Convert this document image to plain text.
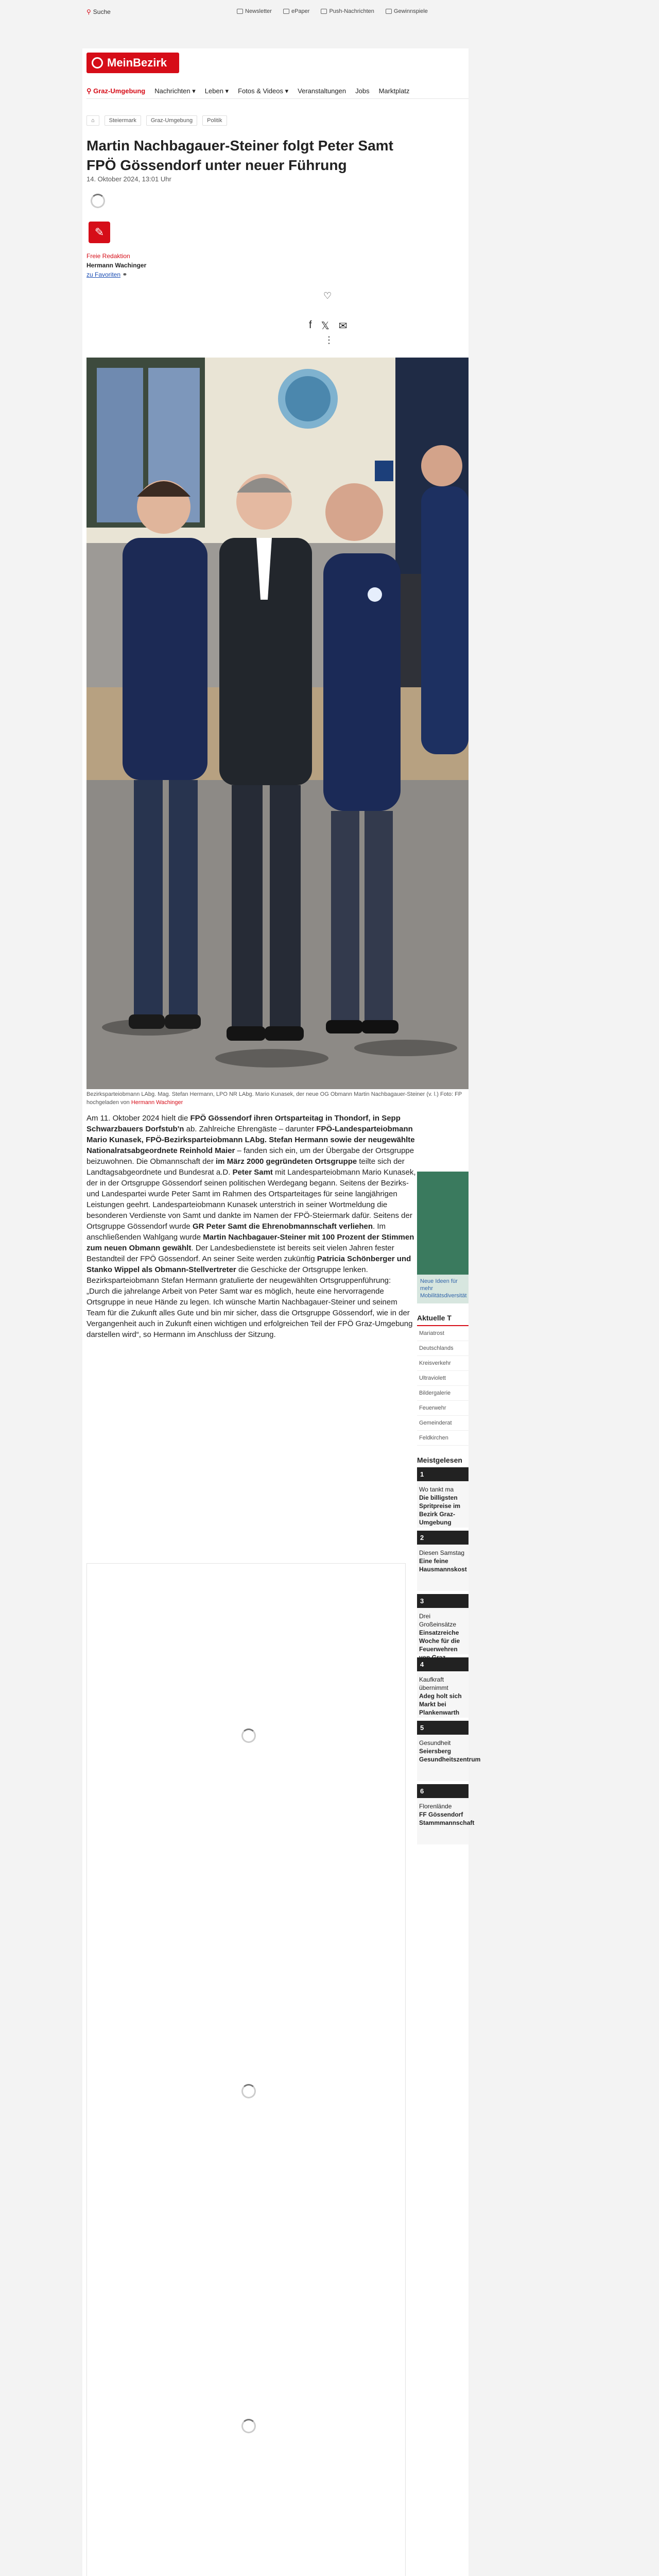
⚲ Suche	Newsletter	ePaper	Push-Nachrichten	Gewinnspiele
MeinBezirk
⚲ Graz-Umgebung Nachrichten ▾ Leben ▾ Fotos & Videos ▾ Veranstaltungen Jobs Marktplatz
⌂	Steiermark	Graz-Umgebung	Politik
Martin Nachbagauer-Steiner folgt Peter Samt FPÖ Gössendorf unter neuer Führung
14. Oktober 2024, 13:01 Uhr
✎
Freie Redaktion
Hermann Wachinger
zu Favoriten ⚭
♡
f 𝕏 ✉
⋮
Bezirksparteiobmann LAbg. Mag. Stefan Hermann, LPO NR LAbg. Mario Kunasek, der neue OG Obmann Martin Nachbagauer-Steiner (v. l.) Foto: FP hochgeladen von Hermann Wachinger

Am 11. Oktober 2024 hielt die FPÖ Gössendorf ihren Ortsparteitag in Thondorf, in Sepp Schwarzbauers Dorfstub'n ab. Zahlreiche Ehrengäste – darunter FPÖ-Landesparteiobmann Mario Kunasek, FPÖ-Bezirksparteiobmann LAbg. Stefan Hermann sowie der neugewählte Nationalratsabgeordnete Reinhold Maier – fanden sich ein, um der Übergabe der Ortsgruppe beizuwohnen. Die Obmannschaft der im März 2000 gegründeten Ortsgruppe teilte sich der Landtagsabgeordnete und Bundesrat a.D. Peter Samt mit Landesparteiobmann Mario Kunasek, der in der Ortsgruppe Gössendorf seinen politischen Werdegang begann. Seitens der Bezirks- und Landespartei wurde Peter Samt im Rahmen des Ortsparteitages für seine langjährigen Leistungen geehrt. Landesparteiobmann Kunasek unterstrich in seiner Wortmeldung die besonderen Verdienste von Samt und dankte im Namen der FPÖ-Steiermark dafür. Seitens der Ortsgruppe Gössendorf wurde GR Peter Samt die Ehrenobmannschaft verliehen. Im anschließenden Wahlgang wurde Martin Nachbagauer-Steiner mit 100 Prozent der Stimmen zum neuen Obmann gewählt. Der Landesbedienstete ist bereits seit vielen Jahren fester Bestandteil der FPÖ Gössendorf. An seiner Seite werden zukünftig Patricia Schönberger und Stanko Wippel als Obmann-Stellvertreter die Geschicke der Ortsgruppe lenken. Bezirksparteiobmann Stefan Hermann gratulierte der neugewählten Ortsgruppenführung: „Durch die jahrelange Arbeit von Peter Samt war es möglich, heute eine hervorragende Ortsgruppe in neue Hände zu legen. Ich wünsche Martin Nachbagauer-Steiner und seinem Team für die Zukunft alles Gute und bin mir sicher, dass die Ortsgruppe Gössendorf, wie in der Vergangenheit auch in Zukunft einen wichtigen und erfolgreichen Teil der FPÖ Graz-Umgebung darstellen wird“, so Hermann im Anschluss der Sitzung.

Neue Ideen für mehr Mobilitätsdiversität
Aktuelle T
Mariatrost
Deutschlands
Kreisverkehr
Ultraviolett
Bildergalerie
Feuerwehr
Gemeinderat
Feldkirchen
Meistgelesen
1
Wo tankt ma
Die billigsten Spritpreise im Bezirk Graz-Umgebung
2
Diesen Samstag
Eine feine Hausmannskost
3
Drei Großeinsätze
Einsatzreiche Woche für die Feuerwehren von Graz
4
Kaufkraft übernimmt
Adeg holt sich Markt bei Plankenwarth
5
Gesundheit
Seiersberg Gesundheitszentrum
6
Florenlände
FF Gössendorf Stammmannschaft
